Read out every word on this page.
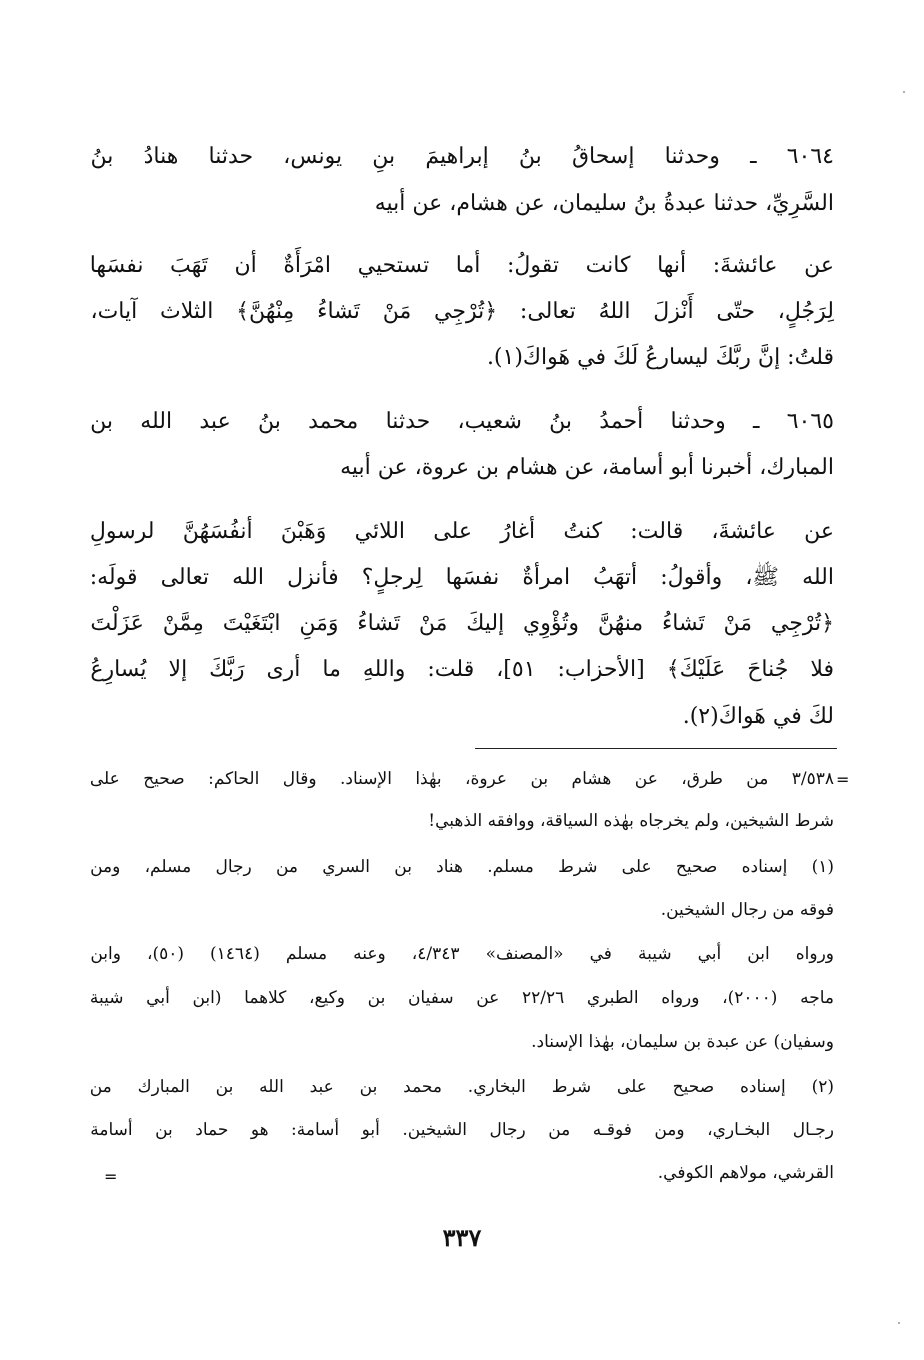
٦٠٦٤ ـ وحدثنا إسحاقُ بنُ إبراهيمَ بنِ يونس، حدثنا هنادُ بنُ
السَّرِيِّ، حدثنا عبدةُ بنُ سليمان، عن هشام، عن أبيه
عن عائشةَ: أنها كانت تقولُ: أما تستحيي امْرَأَةٌ أن تَهَبَ نفسَها
لِرَجُلٍ، حتّى أَنْزلَ اللهُ تعالى: ﴿تُرْجِي مَنْ تَشاءُ مِنْهُنَّ﴾ الثلاث آيات،
قلتُ: إنَّ ربَّكَ ليسارعُ لَكَ في هَواكَ(١).
٦٠٦٥ ـ وحدثنا أحمدُ بنُ شعيب، حدثنا محمد بنُ عبد الله بن
المبارك، أخبرنا أبو أسامة، عن هشام بن عروة، عن أبيه
عن عائشةَ، قالت: كنتُ أغارُ على اللائي وَهَبْنَ أنفُسَهُنَّ لرسولِ
الله ﷺ، وأقولُ: أتهَبُ امرأةٌ نفسَها لِرجلٍ؟ فأنزل الله تعالى قولَه:
﴿تُرْجِي مَنْ تَشاءُ منهُنَّ وتُؤْوِي إليكَ مَنْ تَشاءُ وَمَنِ ابْتَغَيْتَ مِمَّنْ عَزَلْتَ
فلا جُناحَ عَلَيْكَ﴾ [الأحزاب: ٥١]، قلت: واللهِ ما أرى رَبَّكَ إلا يُسارِعُ
لكَ في هَواكَ(٢).
=
٣/٥٣٨ من طرق، عن هشام بن عروة، بهٰذا الإسناد. وقال الحاكم: صحيح على
شرط الشيخين، ولم يخرجاه بهٰذه السياقة، ووافقه الذهبي!
(١) إسناده صحيح على شرط مسلم. هناد بن السري من رجال مسلم، ومن
فوقه من رجال الشيخين.
ورواه ابن أبي شيبة في «المصنف» ٤/٣٤٣، وعنه مسلم (١٤٦٤) (٥٠)، وابن
ماجه (٢٠٠٠)، ورواه الطبري ٢٢/٢٦ عن سفيان بن وكيع، كلاهما (ابن أبي شيبة
وسفيان) عن عبدة بن سليمان، بهٰذا الإسناد.
(٢) إسناده صحيح على شرط البخاري. محمد بن عبد الله بن المبارك من
رجـال البخـاري، ومن فوقـه من رجال الشيخين. أبو أسامة: هو حماد بن أسامة
القرشي، مولاهم الكوفي.
=
٣٣٧
